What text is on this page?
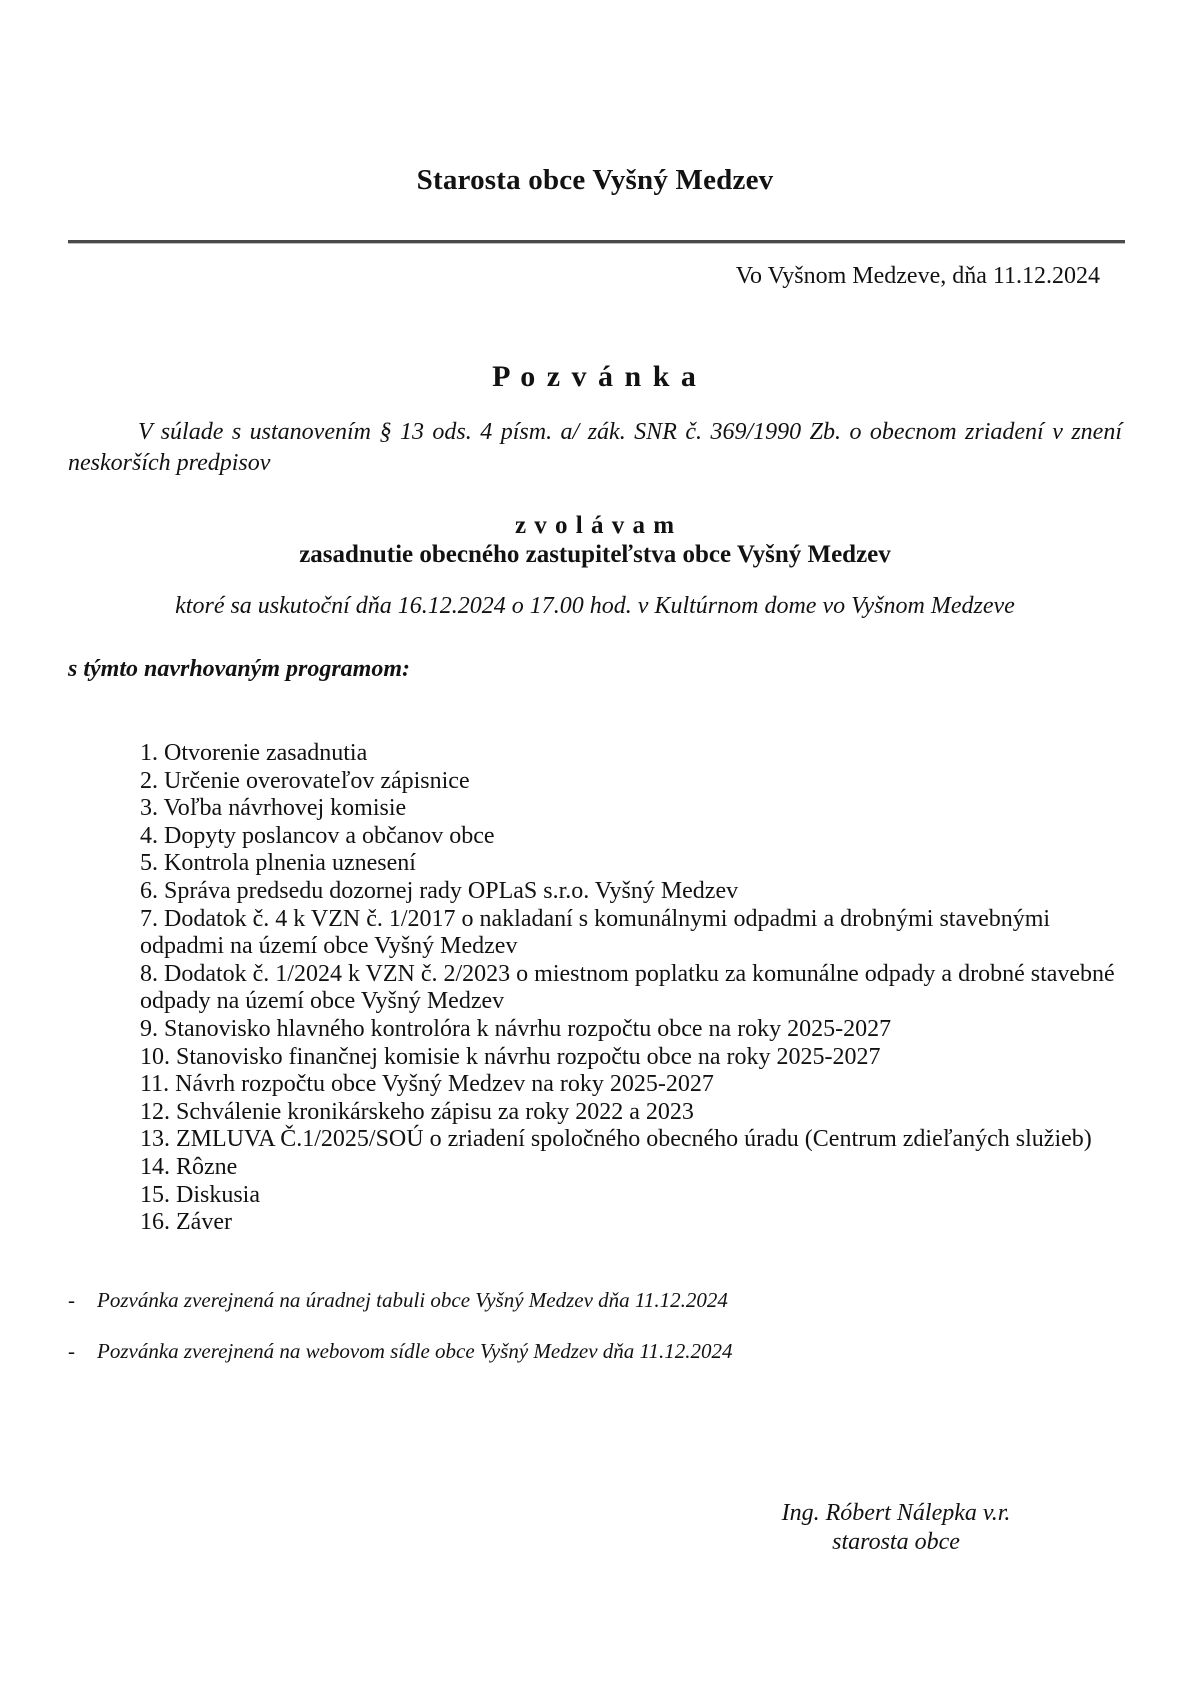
Starosta obce Vyšný Medzev
Vo Vyšnom Medzeve, dňa 11.12.2024
P o z v á n k a

V súlade s ustanovením § 13 ods. 4 písm. a/ zák. SNR č. 369/1990 Zb. o obecnom zriadení v znení neskorších predpisov

z v o l á v a m
zasadnutie obecného zastupiteľstva obce Vyšný Medzev
ktoré sa uskutoční dňa 16.12.2024 o 17.00 hod. v Kultúrnom dome vo Vyšnom Medzeve
s týmto navrhovaným programom:
1. Otvorenie zasadnutia
2. Určenie overovateľov zápisnice
3. Voľba návrhovej komisie
4. Dopyty poslancov a občanov obce
5. Kontrola plnenia uznesení
6. Správa predsedu dozornej rady OPLaS s.r.o. Vyšný Medzev
7. Dodatok č. 4 k VZN č. 1/2017 o nakladaní s komunálnymi odpadmi a drobnými stavebnými odpadmi na území obce Vyšný Medzev
8. Dodatok č. 1/2024 k VZN č. 2/2023 o miestnom poplatku za komunálne odpady a drobné stavebné odpady na území obce Vyšný Medzev
9. Stanovisko hlavného kontrolóra k návrhu rozpočtu obce na roky 2025-2027
10. Stanovisko finančnej komisie k návrhu rozpočtu obce na roky 2025-2027
11. Návrh rozpočtu obce Vyšný Medzev na roky 2025-2027
12. Schválenie kronikárskeho zápisu za roky 2022 a 2023
13. ZMLUVA Č.1/2025/SOÚ o zriadení spoločného obecného úradu (Centrum zdieľaných služieb)
14. Rôzne
15. Diskusia
16. Záver
-	Pozvánka zverejnená na úradnej tabuli obce Vyšný Medzev dňa 11.12.2024
-	Pozvánka zverejnená na webovom sídle obce Vyšný Medzev dňa 11.12.2024
Ing. Róbert Nálepka v.r.
starosta obce
